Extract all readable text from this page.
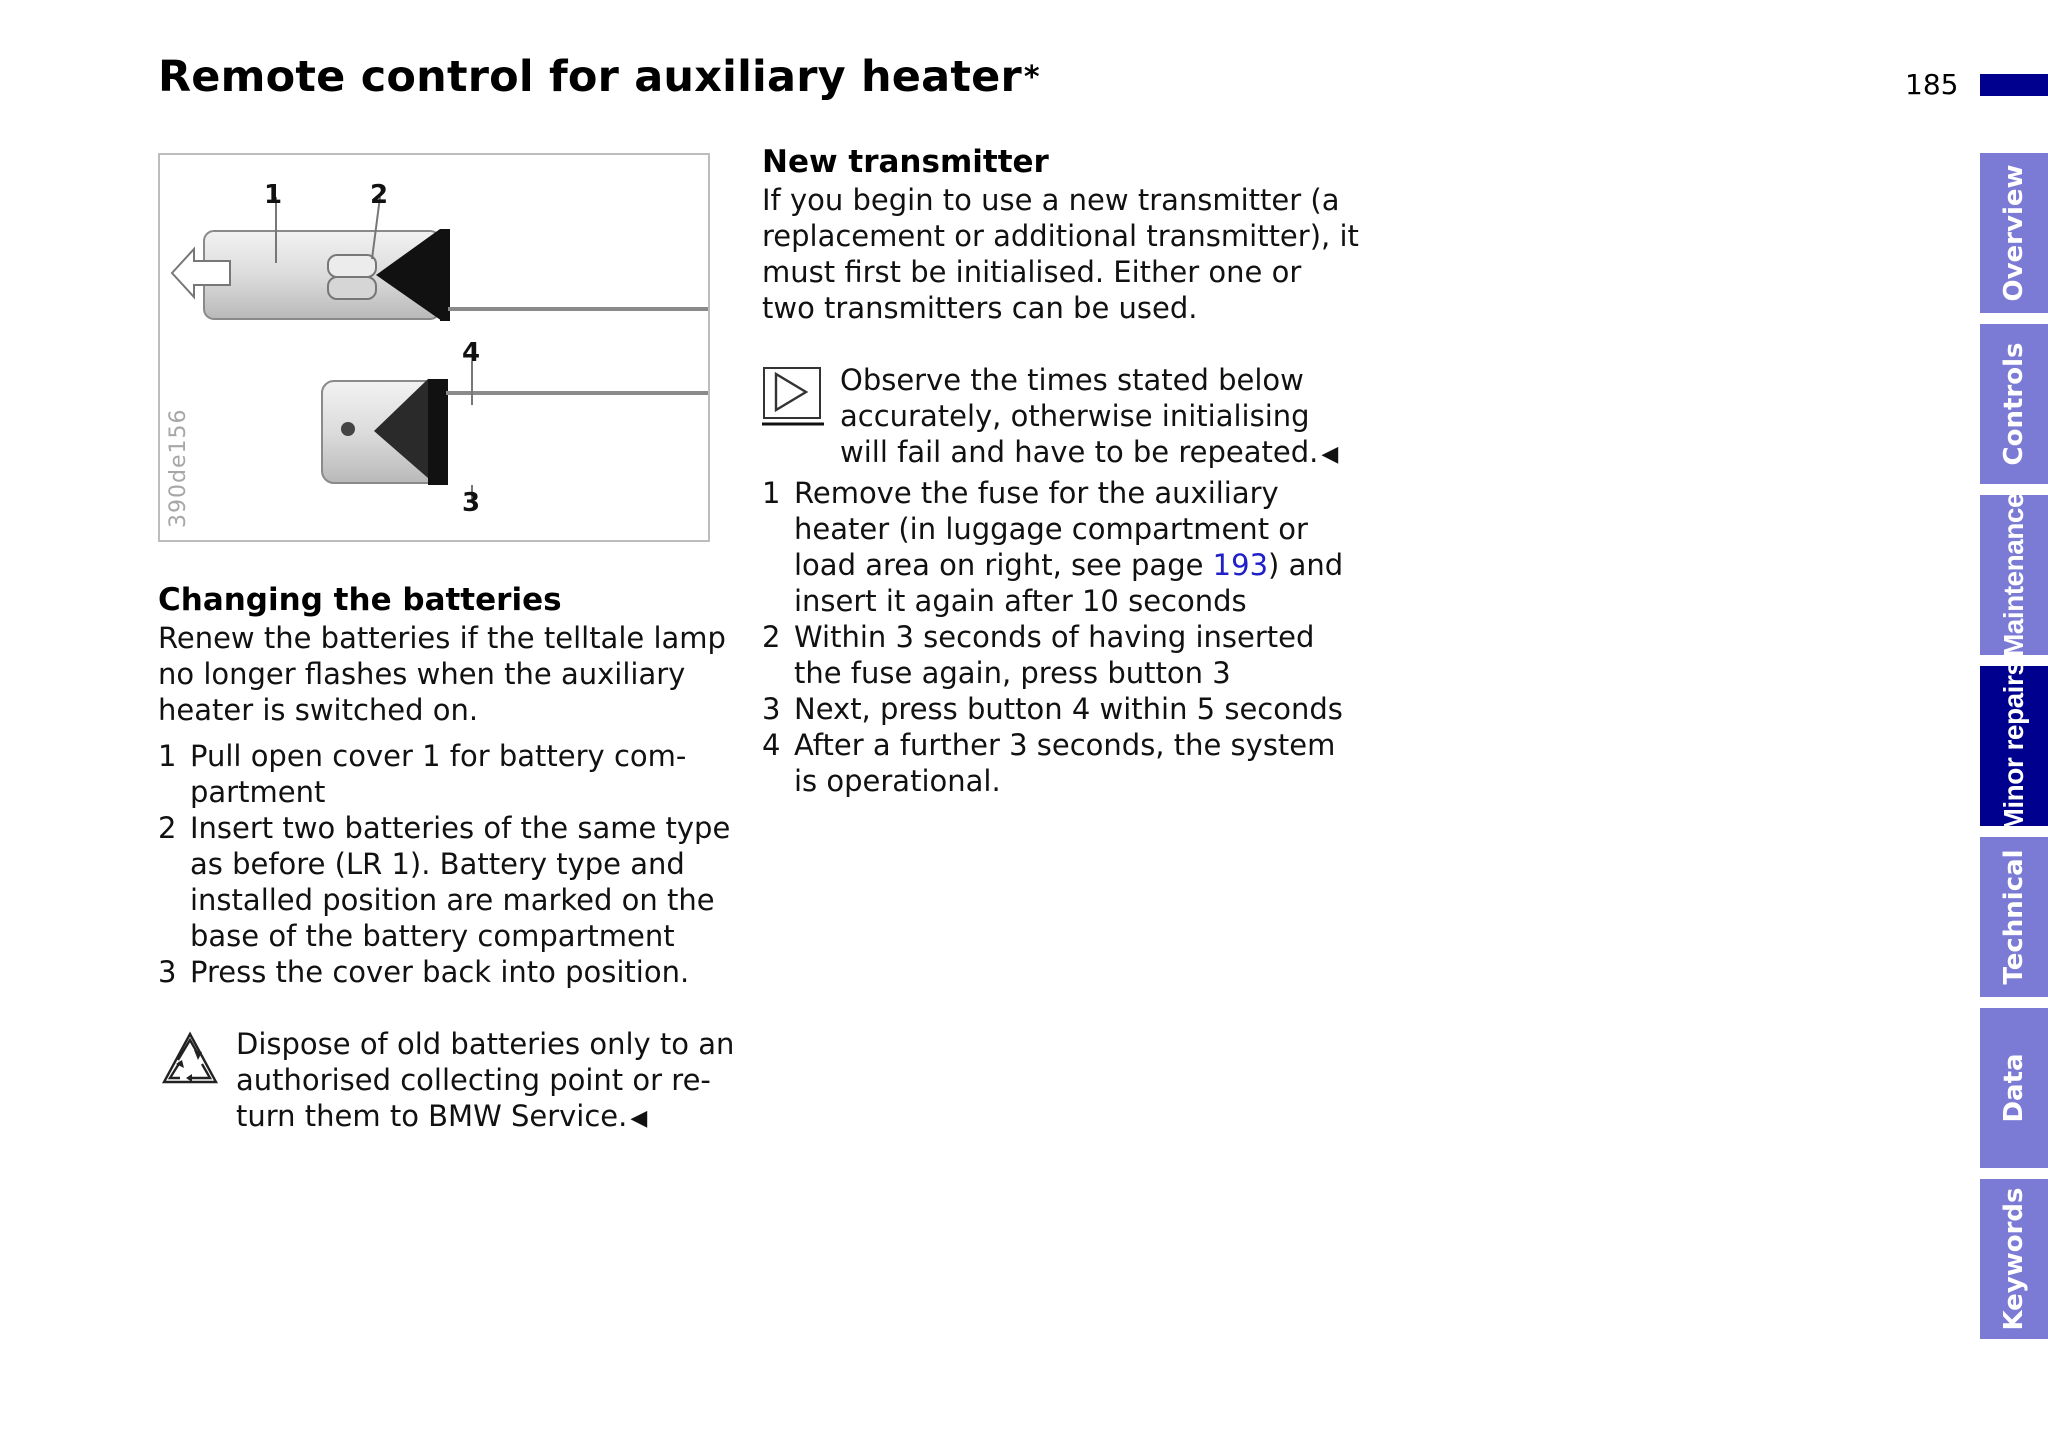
Remote control for auxiliary heater*	185
1	2
4
3
390de156
Changing the batteries

Renew the batteries if the telltale lamp no longer flashes when the auxiliary heater is switched on.

1 Pull open cover 1 for battery com-partment
2 Insert two batteries of the same type as before (LR 1). Battery type and installed position are marked on the base of the battery compartment
3 Press the cover back into position.
Dispose of old batteries only to an authorised collecting point or re-turn them to BMW Service. ◀
New transmitter

If you begin to use a new transmitter (a replacement or additional transmitter), it must first be initialised. Either one or two transmitters can be used.

Observe the times stated below accurately, otherwise initialising will fail and have to be repeated. ◀
1 Remove the fuse for the auxiliary heater (in luggage compartment or load area on right, see page 193) and insert it again after 10 seconds
2 Within 3 seconds of having inserted the fuse again, press button 3
3 Next, press button 4 within 5 seconds
4 After a further 3 seconds, the system is operational.
Overview
Controls
Maintenance
Minor repairs
Technical
Data
Keywords
